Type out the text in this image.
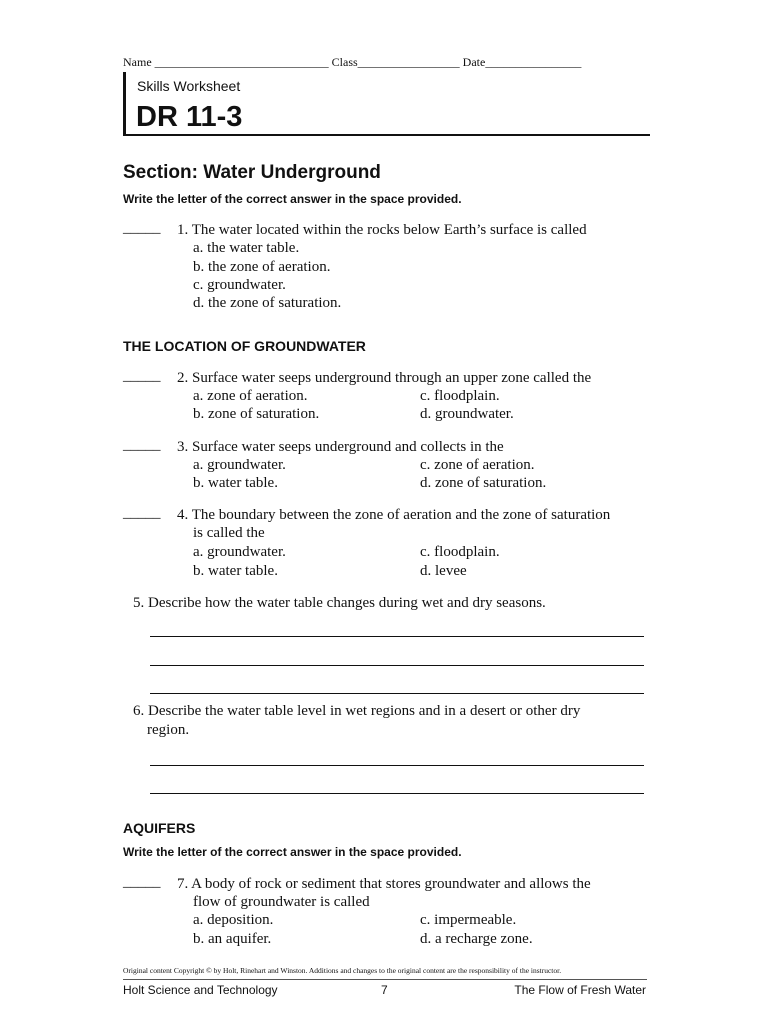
Name _____________________________ Class_________________ Date________________
Skills Worksheet
DR 11-3
Section: Water Underground
Write the letter of the correct answer in the space provided.
_____ 1. The water located within the rocks below Earth’s surface is called
a. the water table.
b. the zone of aeration.
c. groundwater.
d. the zone of saturation.
THE LOCATION OF GROUNDWATER
_____ 2. Surface water seeps underground through an upper zone called the
a. zone of aeration.	c. floodplain.
b. zone of saturation.	d. groundwater.
_____ 3. Surface water seeps underground and collects in the
a. groundwater.	c. zone of aeration.
b. water table.	d. zone of saturation.
_____ 4. The boundary between the zone of aeration and the zone of saturation
is called the
a. groundwater.	c. floodplain.
b. water table.	d. levee
5. Describe how the water table changes during wet and dry seasons.
6. Describe the water table level in wet regions and in a desert or other dry
region.
AQUIFERS
Write the letter of the correct answer in the space provided.
_____ 7. A body of rock or sediment that stores groundwater and allows the
flow of groundwater is called
a. deposition.	c. impermeable.
b. an aquifer.	d. a recharge zone.
Original content Copyright © by Holt, Rinehart and Winston. Additions and changes to the original content are the responsibility of the instructor.
Holt Science and Technology	7	The Flow of Fresh Water
